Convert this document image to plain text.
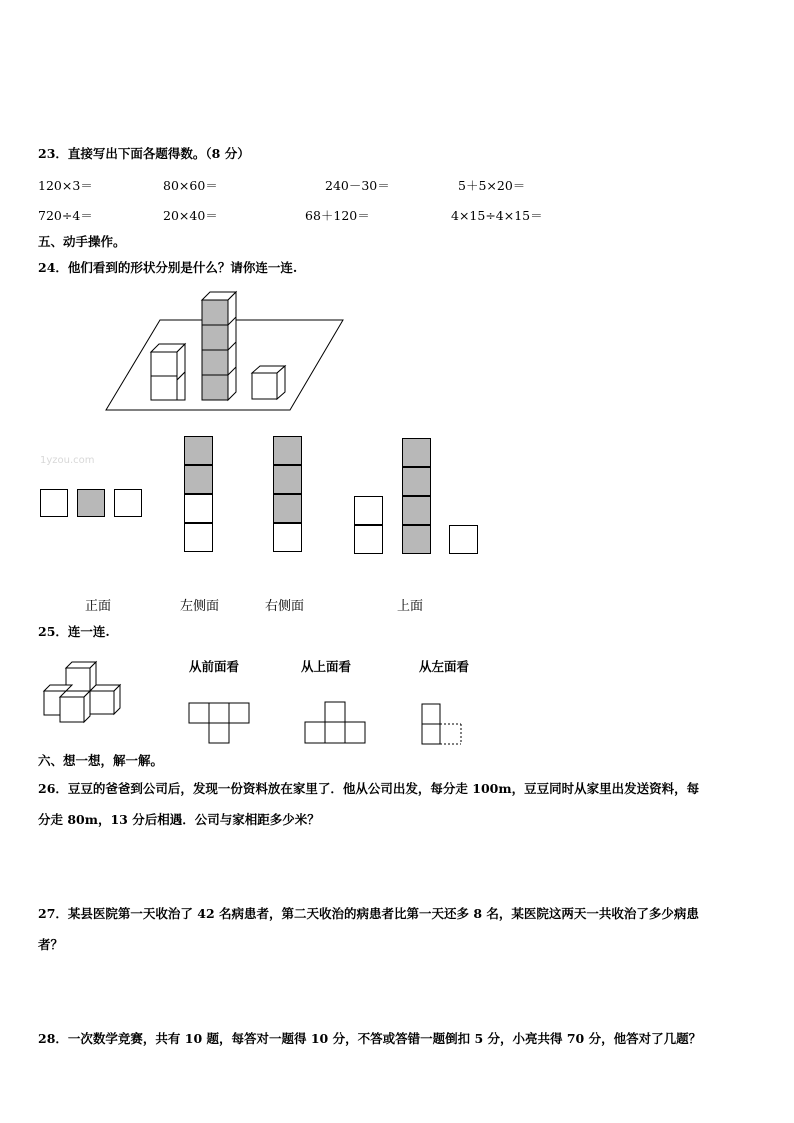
23．直接写出下面各题得数。（8 分）
120×3＝	80×60＝	240－30＝	5＋5×20＝
720÷4＝	20×40＝	68＋120＝	4×15÷4×15＝
五、动手操作。
24．他们看到的形状分别是什么？请你连一连.
1yzou.com
正面	左侧面	右侧面	上面
25．连一连.
从前面看	从上面看	从左面看
六、想一想，解一解。
26．豆豆的爸爸到公司后，发现一份资料放在家里了．他从公司出发，每分走 100m，豆豆同时从家里出发送资料，每
分走 80m，13 分后相遇．公司与家相距多少米？
27．某县医院第一天收治了 42 名病患者，第二天收治的病患者比第一天还多 8 名，某医院这两天一共收治了多少病患
者？
28．一次数学竞赛，共有 10 题，每答对一题得 10 分，不答或答错一题倒扣 5 分，小亮共得 70 分，他答对了几题？
